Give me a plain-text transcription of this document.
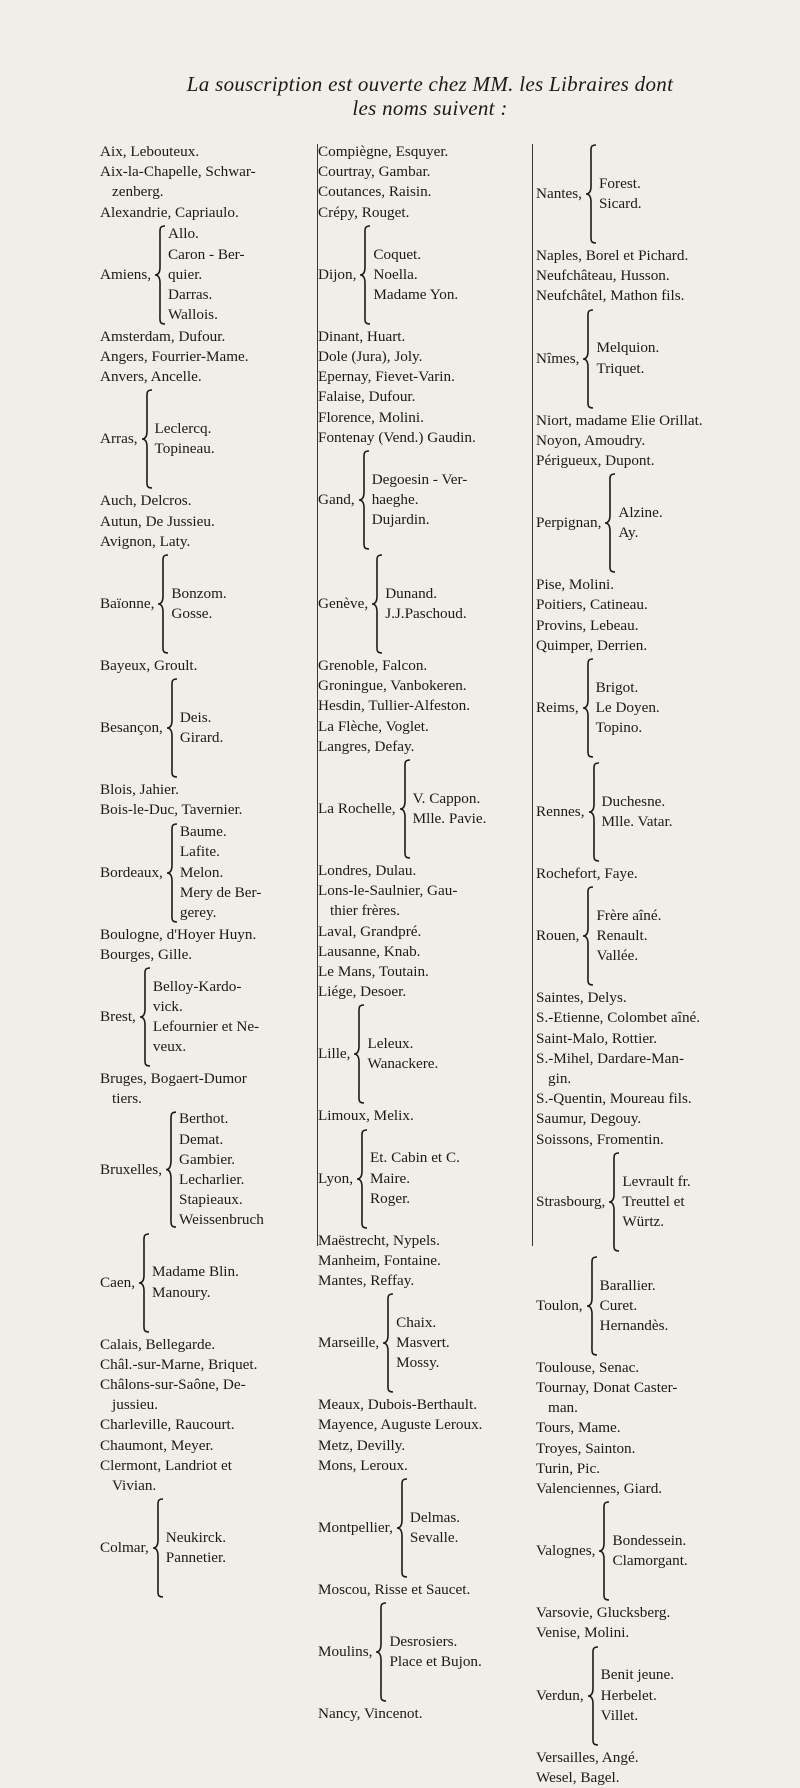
La souscription est ouverte chez MM. les Libraires dont
les noms suivent :
Aix, Lebouteux.
Aix-la-Chapelle, Schwar-
zenberg.
Alexandrie, Capriaulo.
Amiens,
Allo.
Caron - Ber-
quier.
Darras.
Wallois.
Amsterdam, Dufour.
Angers, Fourrier-Mame.
Anvers, Ancelle.
Arras,
Leclercq.
Topineau.
Auch, Delcros.
Autun, De Jussieu.
Avignon, Laty.
Baïonne,
Bonzom.
Gosse.
Bayeux, Groult.
Besançon,
Deis.
Girard.
Blois, Jahier.
Bois-le-Duc, Tavernier.
Bordeaux,
Baume.
Lafite.
Melon.
Mery de Ber-
gerey.
Boulogne, d'Hoyer Huyn.
Bourges, Gille.
Brest,
Belloy-Kardo-
vick.
Lefournier et Ne-
veux.
Bruges, Bogaert-Dumor
tiers.
Bruxelles,
Berthot.
Demat.
Gambier.
Lecharlier.
Stapieaux.
Weissenbruch
Caen,
Madame Blin.
Manoury.
Calais, Bellegarde.
Châl.-sur-Marne, Briquet.
Châlons-sur-Saône, De-
jussieu.
Charleville, Raucourt.
Chaumont, Meyer.
Clermont, Landriot et
Vivian.
Colmar,
Neukirck.
Pannetier.
Compiègne, Esquyer.
Courtray, Gambar.
Coutances, Raisin.
Crépy, Rouget.
Dijon,
Coquet.
Noella.
Madame Yon.
Dinant, Huart.
Dole (Jura), Joly.
Epernay, Fievet-Varin.
Falaise, Dufour.
Florence, Molini.
Fontenay (Vend.) Gaudin.
Gand,
Degoesin - Ver-
haeghe.
Dujardin.
Genève,
Dunand.
J.J.Paschoud.
Grenoble, Falcon.
Groningue, Vanbokeren.
Hesdin, Tullier-Alfeston.
La Flèche, Voglet.
Langres, Defay.
La Rochelle,
V. Cappon.
Mlle. Pavie.
Londres, Dulau.
Lons-le-Saulnier, Gau-
thier frères.
Laval, Grandpré.
Lausanne, Knab.
Le Mans, Toutain.
Liége, Desoer.
Lille,
Leleux.
Wanackere.
Limoux, Melix.
Lyon,
Et. Cabin et C.
Maire.
Roger.
Maëstrecht, Nypels.
Manheim, Fontaine.
Mantes, Reffay.
Marseille,
Chaix.
Masvert.
Mossy.
Meaux, Dubois-Berthault.
Mayence, Auguste Leroux.
Metz, Devilly.
Mons, Leroux.
Montpellier,
Delmas.
Sevalle.
Moscou, Risse et Saucet.
Moulins,
Desrosiers.
Place et Bujon.
Nancy, Vincenot.
Nantes,
Forest.
Sicard.
Naples, Borel et Pichard.
Neufchâteau, Husson.
Neufchâtel, Mathon fils.
Nîmes,
Melquion.
Triquet.
Niort, madame Elie Orillat.
Noyon, Amoudry.
Périgueux, Dupont.
Perpignan,
Alzine.
Ay.
Pise, Molini.
Poitiers, Catineau.
Provins, Lebeau.
Quimper, Derrien.
Reims,
Brigot.
Le Doyen.
Topino.
Rennes,
Duchesne.
Mlle. Vatar.
Rochefort, Faye.
Rouen,
Frère aîné.
Renault.
Vallée.
Saintes, Delys.
S.-Etienne, Colombet aîné.
Saint-Malo, Rottier.
S.-Mihel, Dardare-Man-
gin.
S.-Quentin, Moureau fils.
Saumur, Degouy.
Soissons, Fromentin.
Strasbourg,
Levrault fr.
Treuttel et
Würtz.
Toulon,
Barallier.
Curet.
Hernandès.
Toulouse, Senac.
Tournay, Donat Caster-
man.
Tours, Mame.
Troyes, Sainton.
Turin, Pic.
Valenciennes, Giard.
Valognes,
Bondessein.
Clamorgant.
Varsovie, Glucksberg.
Venise, Molini.
Verdun,
Benit jeune.
Herbelet.
Villet.
Versailles, Angé.
Wesel, Bagel.
